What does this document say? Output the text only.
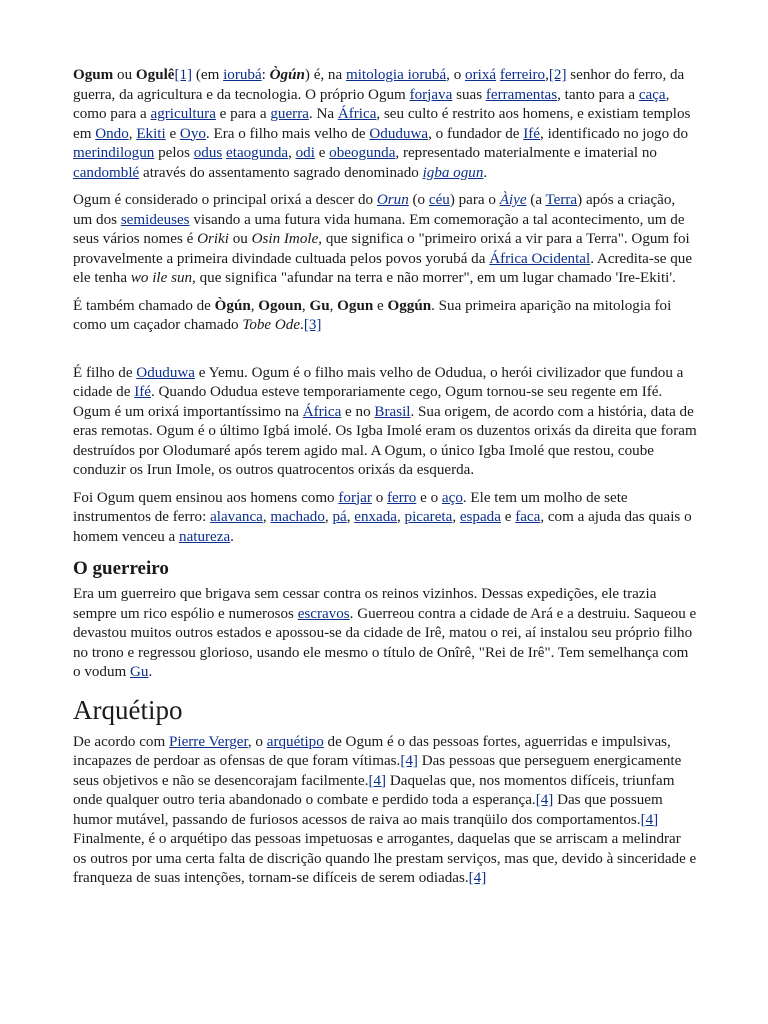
Ogum ou Ogulê[1] (em iorubá: Ògún) é, na mitologia iorubá, o orixá ferreiro,[2] senhor do ferro, da guerra, da agricultura e da tecnologia. O próprio Ogum forjava suas ferramentas, tanto para a caça, como para a agricultura e para a guerra. Na África, seu culto é restrito aos homens, e existiam templos em Ondo, Ekiti e Oyo. Era o filho mais velho de Oduduwa, o fundador de Ifé, identificado no jogo do merindilogun pelos odus etaogunda, odi e obeogunda, representado materialmente e imaterial no candomblé através do assentamento sagrado denominado igba ogun.

Ogum é considerado o principal orixá a descer do Orun (o céu) para o Àiye (a Terra) após a criação, um dos semideuses visando a uma futura vida humana. Em comemoração a tal acontecimento, um de seus vários nomes é Oriki ou Osin Imole, que significa o "primeiro orixá a vir para a Terra". Ogum foi provavelmente a primeira divindade cultuada pelos povos yorubá da África Ocidental. Acredita-se que ele tenha wo ile sun, que significa "afundar na terra e não morrer", em um lugar chamado 'Ire-Ekiti'.

É também chamado de Ògún, Ogoun, Gu, Ogun e Oggún. Sua primeira aparição na mitologia foi como um caçador chamado Tobe Ode.[3]

É filho de Oduduwa e Yemu. Ogum é o filho mais velho de Odudua, o herói civilizador que fundou a cidade de Ifé. Quando Odudua esteve temporariamente cego, Ogum tornou-se seu regente em Ifé. Ogum é um orixá importantíssimo na África e no Brasil. Sua origem, de acordo com a história, data de eras remotas. Ogum é o último Igbá imolé. Os Igba Imolé eram os duzentos orixás da direita que foram destruídos por Olodumaré após terem agido mal. A Ogum, o único Igba Imolé que restou, coube conduzir os Irun Imole, os outros quatrocentos orixás da esquerda.

Foi Ogum quem ensinou aos homens como forjar o ferro e o aço. Ele tem um molho de sete instrumentos de ferro: alavanca, machado, pá, enxada, picareta, espada e faca, com a ajuda das quais o homem venceu a natureza.

O guerreiro

Era um guerreiro que brigava sem cessar contra os reinos vizinhos. Dessas expedições, ele trazia sempre um rico espólio e numerosos escravos. Guerreou contra a cidade de Ará e a destruiu. Saqueou e devastou muitos outros estados e apossou-se da cidade de Irê, matou o rei, aí instalou seu próprio filho no trono e regressou glorioso, usando ele mesmo o título de Onîrê, "Rei de Irê". Tem semelhança com o vodum Gu.

Arquétipo

De acordo com Pierre Verger, o arquétipo de Ogum é o das pessoas fortes, aguerridas e impulsivas, incapazes de perdoar as ofensas de que foram vítimas.[4] Das pessoas que perseguem energicamente seus objetivos e não se desencorajam facilmente.[4] Daquelas que, nos momentos difíceis, triunfam onde qualquer outro teria abandonado o combate e perdido toda a esperança.[4] Das que possuem humor mutável, passando de furiosos acessos de raiva ao mais tranqüilo dos comportamentos.[4] Finalmente, é o arquétipo das pessoas impetuosas e arrogantes, daquelas que se arriscam a melindrar os outros por uma certa falta de discrição quando lhe prestam serviços, mas que, devido à sinceridade e franqueza de suas intenções, tornam-se difíceis de serem odiadas.[4]
